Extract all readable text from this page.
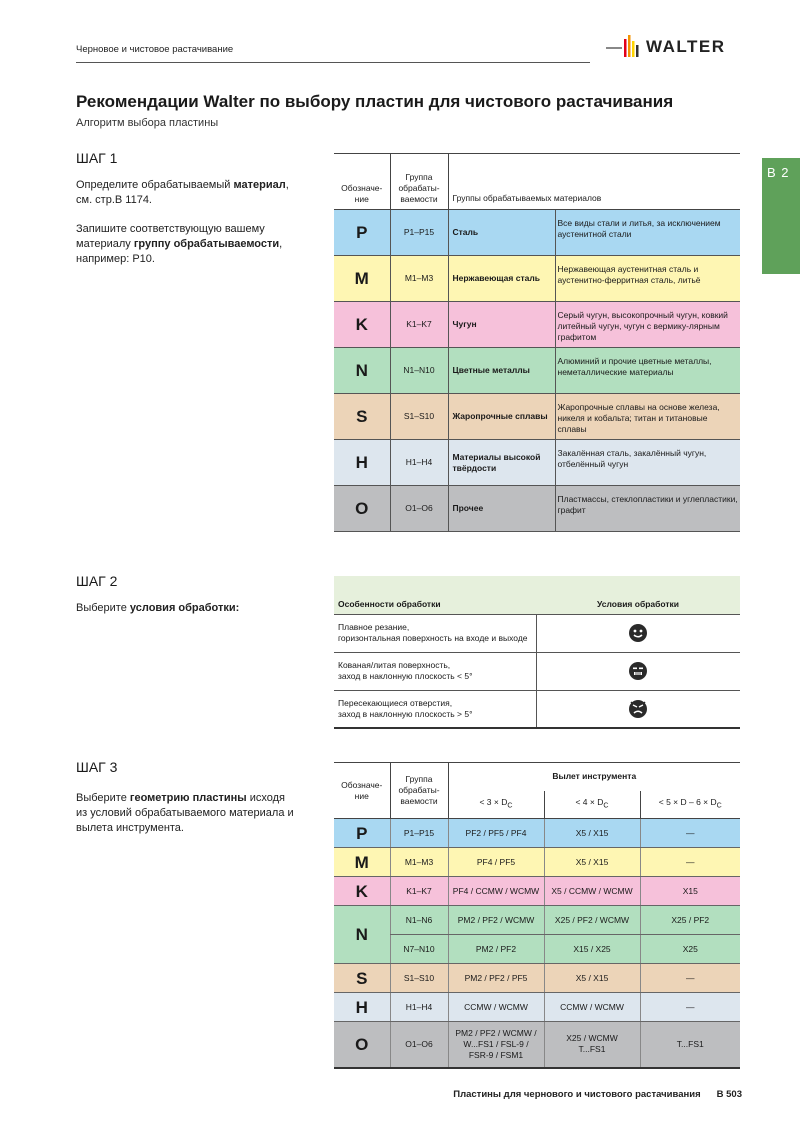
Черновое и чистовое растачивание	WALTER
B 2
Рекомендации Walter по выбору пластин для чистового растачивания
Алгоритм выбора пластины
ШАГ 1
Определите обрабатываемый материал, см. стр.B 1174.
Запишите соответствующую вашему материалу группу обрабатываемости, например: P10.
Обозначе-
ние	Группа
обрабаты-
ваемости	Группы обрабатываемых материалов	
P	P1–P15	Сталь	Все виды стали и литья, за исключением аустенитной стали
M	M1–M3	Нержавеющая сталь	Нержавеющая аустенитная сталь и аустенитно-ферритная сталь, литьё
K	K1–K7	Чугун	Серый чугун, высокопрочный чугун, ковкий литейный чугун, чугун с вермику-лярным графитом
N	N1–N10	Цветные металлы	Алюминий и прочие цветные металлы, неметаллические материалы
S	S1–S10	Жаропрочные сплавы	Жаропрочные сплавы на основе железа, никеля и кобальта; титан и титановые сплавы
H	H1–H4	Материалы высокой твёрдости	Закалённая сталь, закалённый чугун, отбелённый чугун
O	O1–O6	Прочее	Пластмассы, стеклопластики и углепластики, графит
ШАГ 2
Выберите условия обработки:	Особенности обработки	Условия обработки
Плавное резание,
горизонтальная поверхность на входе и выходе	

Кованая/литая поверхность,
заход в наклонную плоскость < 5°	

Пересекающиеся отверстия,
заход в наклонную плоскость > 5°	
ШАГ 3
Выберите геометрию пластины исходя из условий обрабатываемого материала и вылета инструмента.
Обозначе-
ние	Группа
обрабаты-
ваемости	Вылет инструмента		
		< $3 \times D_C$	< $4 \times D_C$	< $5 \times D - 6 \times D_C$
P	P1–P15	PF2 / PF5 / PF4	X5 / X15	—
M	M1–M3	PF4 / PF5	X5 / X15	—
K	K1–K7	PF4 / CCMW / WCMW	X5 / CCMW / WCMW	X15
N	N1–N6	PM2 / PF2 / WCMW	X25 / PF2 / WCMW	X25 / PF2
	N7–N10	PM2 / PF2	X15 / X25	X25
S	S1–S10	PM2 / PF2 / PF5	X5 / X15	—
H	H1–H4	CCMW / WCMW	CCMW / WCMW	—
O	O1–O6	PM2 / PF2 / WCMW / W...FS1 / FSL-9 / FSR-9 / FSM1	X25 / WCMW T...FS1	T...FS1
Пластины для чернового и чистового растачивания B 503
